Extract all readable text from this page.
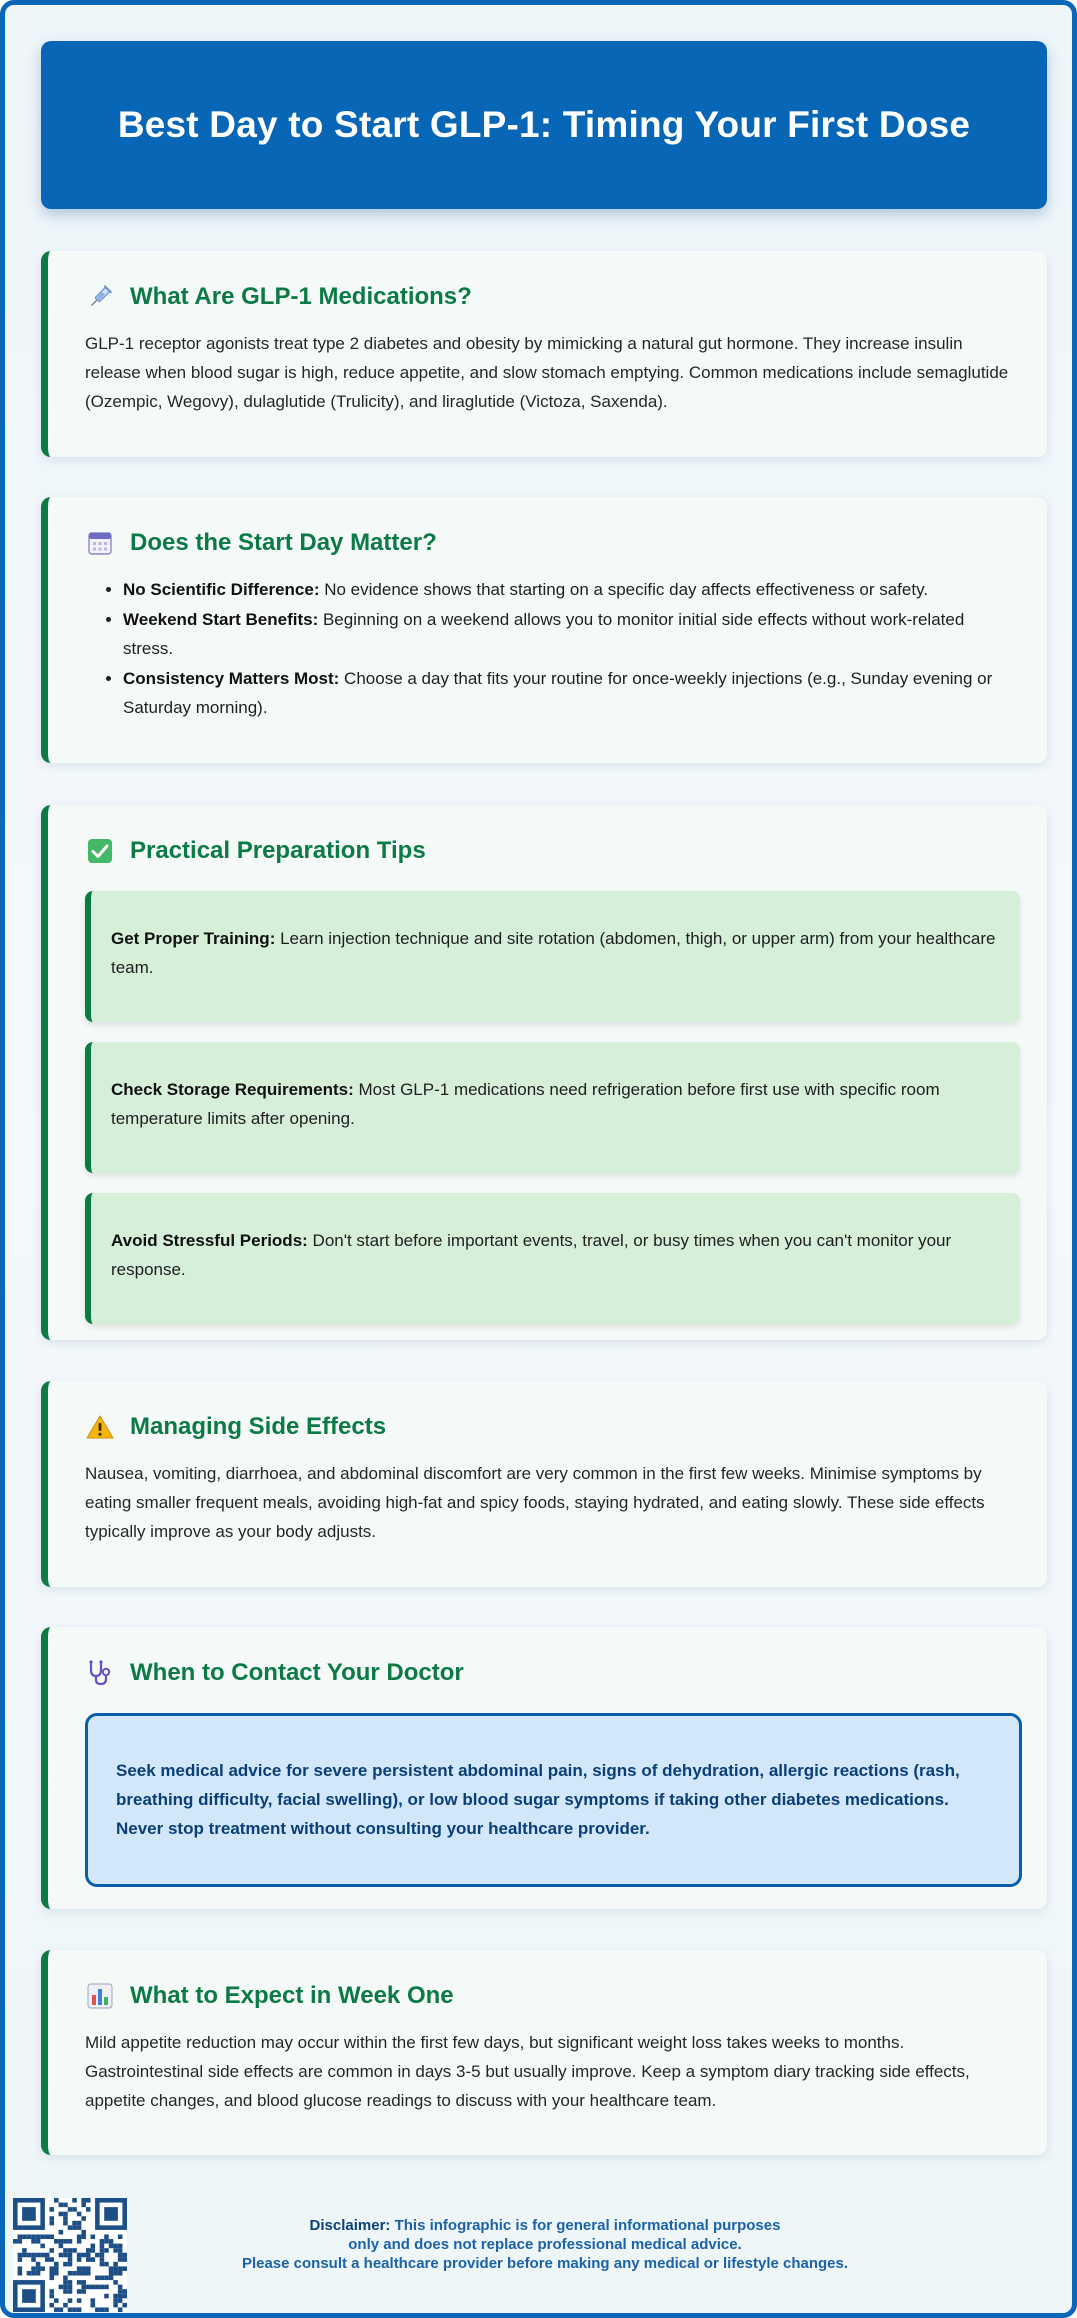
Best Day to Start GLP-1: Timing Your First Dose
What Are GLP-1 Medications?

GLP-1 receptor agonists treat type 2 diabetes and obesity by mimicking a natural gut hormone. They increase insulin release when blood sugar is high, reduce appetite, and slow stomach emptying. Common medications include semaglutide (Ozempic, Wegovy), dulaglutide (Trulicity), and liraglutide (Victoza, Saxenda).

Does the Start Day Matter?
• No Scientific Difference: No evidence shows that starting on a specific day affects effectiveness or safety.
• Weekend Start Benefits: Beginning on a weekend allows you to monitor initial side effects without work-related stress.
• Consistency Matters Most: Choose a day that fits your routine for once-weekly injections (e.g., Sunday evening or Saturday morning).
Practical Preparation Tips
Get Proper Training: Learn injection technique and site rotation (abdomen, thigh, or upper arm) from your healthcare team.
Check Storage Requirements: Most GLP-1 medications need refrigeration before first use with specific room temperature limits after opening.
Avoid Stressful Periods: Don't start before important events, travel, or busy times when you can't monitor your response.
Managing Side Effects

Nausea, vomiting, diarrhoea, and abdominal discomfort are very common in the first few weeks. Minimise symptoms by eating smaller frequent meals, avoiding high-fat and spicy foods, staying hydrated, and eating slowly. These side effects typically improve as your body adjusts.

When to Contact Your Doctor
Seek medical advice for severe persistent abdominal pain, signs of dehydration, allergic reactions (rash, breathing difficulty, facial swelling), or low blood sugar symptoms if taking other diabetes medications. Never stop treatment without consulting your healthcare provider.
What to Expect in Week One

Mild appetite reduction may occur within the first few days, but significant weight loss takes weeks to months. Gastrointestinal side effects are common in days 3-5 but usually improve. Keep a symptom diary tracking side effects, appetite changes, and blood glucose readings to discuss with your healthcare team.

Disclaimer: This infographic is for general informational purposes
only and does not replace professional medical advice.
Please consult a healthcare provider before making any medical or lifestyle changes.
